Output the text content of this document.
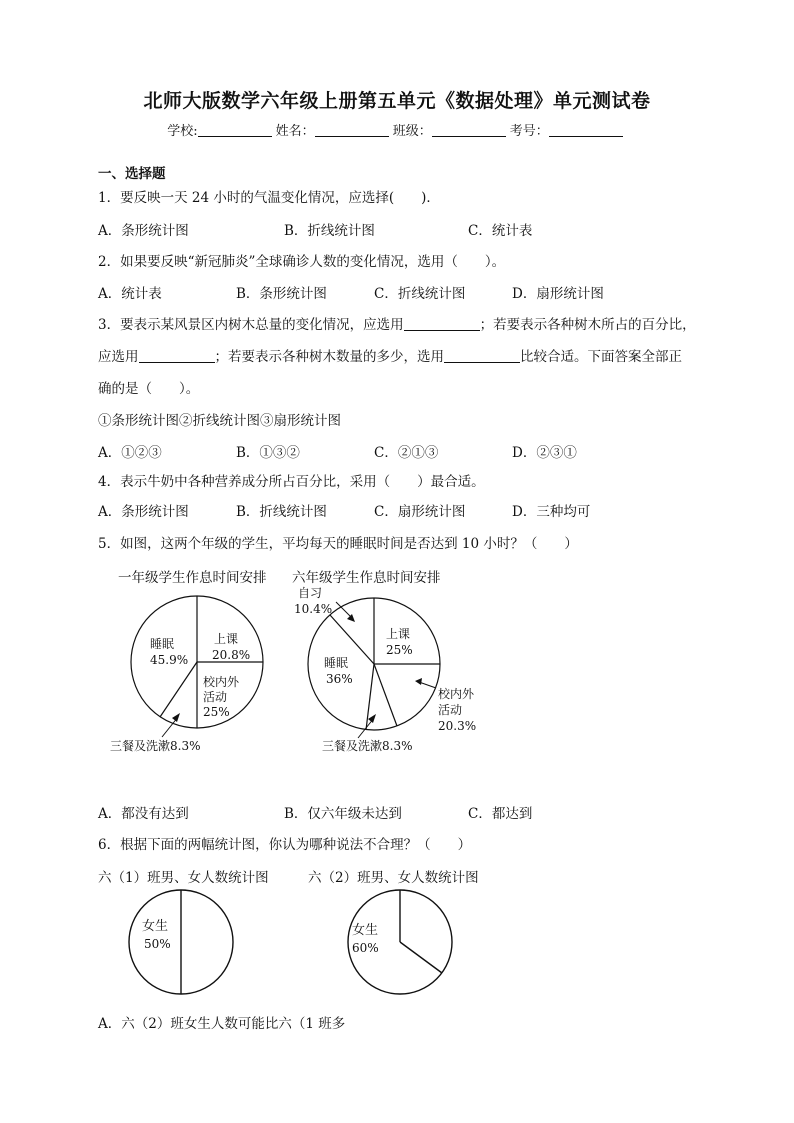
北师大版数学六年级上册第五单元《数据处理》单元测试卷
学校:	姓名：	班级：	考号：
一、选择题
1．要反映一天 24 小时的气温变化情况，应选择(　　)．
A．条形统计图	B．折线统计图	C．统计表
2．如果要反映“新冠肺炎”全球确诊人数的变化情况，选用（　　）。
A．统计表	B．条形统计图	C．折线统计图	D．扇形统计图
3．要表示某风景区内树木总量的变化情况，应选用	；若要表示各种树木所占的百分比，
应选用	；若要表示各种树木数量的多少，选用	比较合适。下面答案全部正
确的是（　　）。
①条形统计图②折线统计图③扇形统计图
A．①②③	B．①③②	C．②①③	D．②③①
4．表示牛奶中各种营养成分所占百分比，采用（　　）最合适。
A．条形统计图	B．折线统计图	C．扇形统计图	D．三种均可
5．如图，这两个年级的学生，平均每天的睡眠时间是否达到 10 小时？（　　）
一年级学生作息时间安排 六年级学生作息时间安排
睡眠
45.9%
上课
20.8%
校内外
活动
25%
三餐及洗漱8.3%
自习
10.4%
上课
25%
校内外
活动
20.3%
睡眠
36%
三餐及洗漱8.3%
A．都没有达到	B．仅六年级未达到	C．都达到
6．根据下面的两幅统计图，你认为哪种说法不合理？（　　）
六（1）班男、女人数统计图	六（2）班男、女人数统计图
女生
50%
女生
60%
A．六（2）班女生人数可能比六（1 班多
